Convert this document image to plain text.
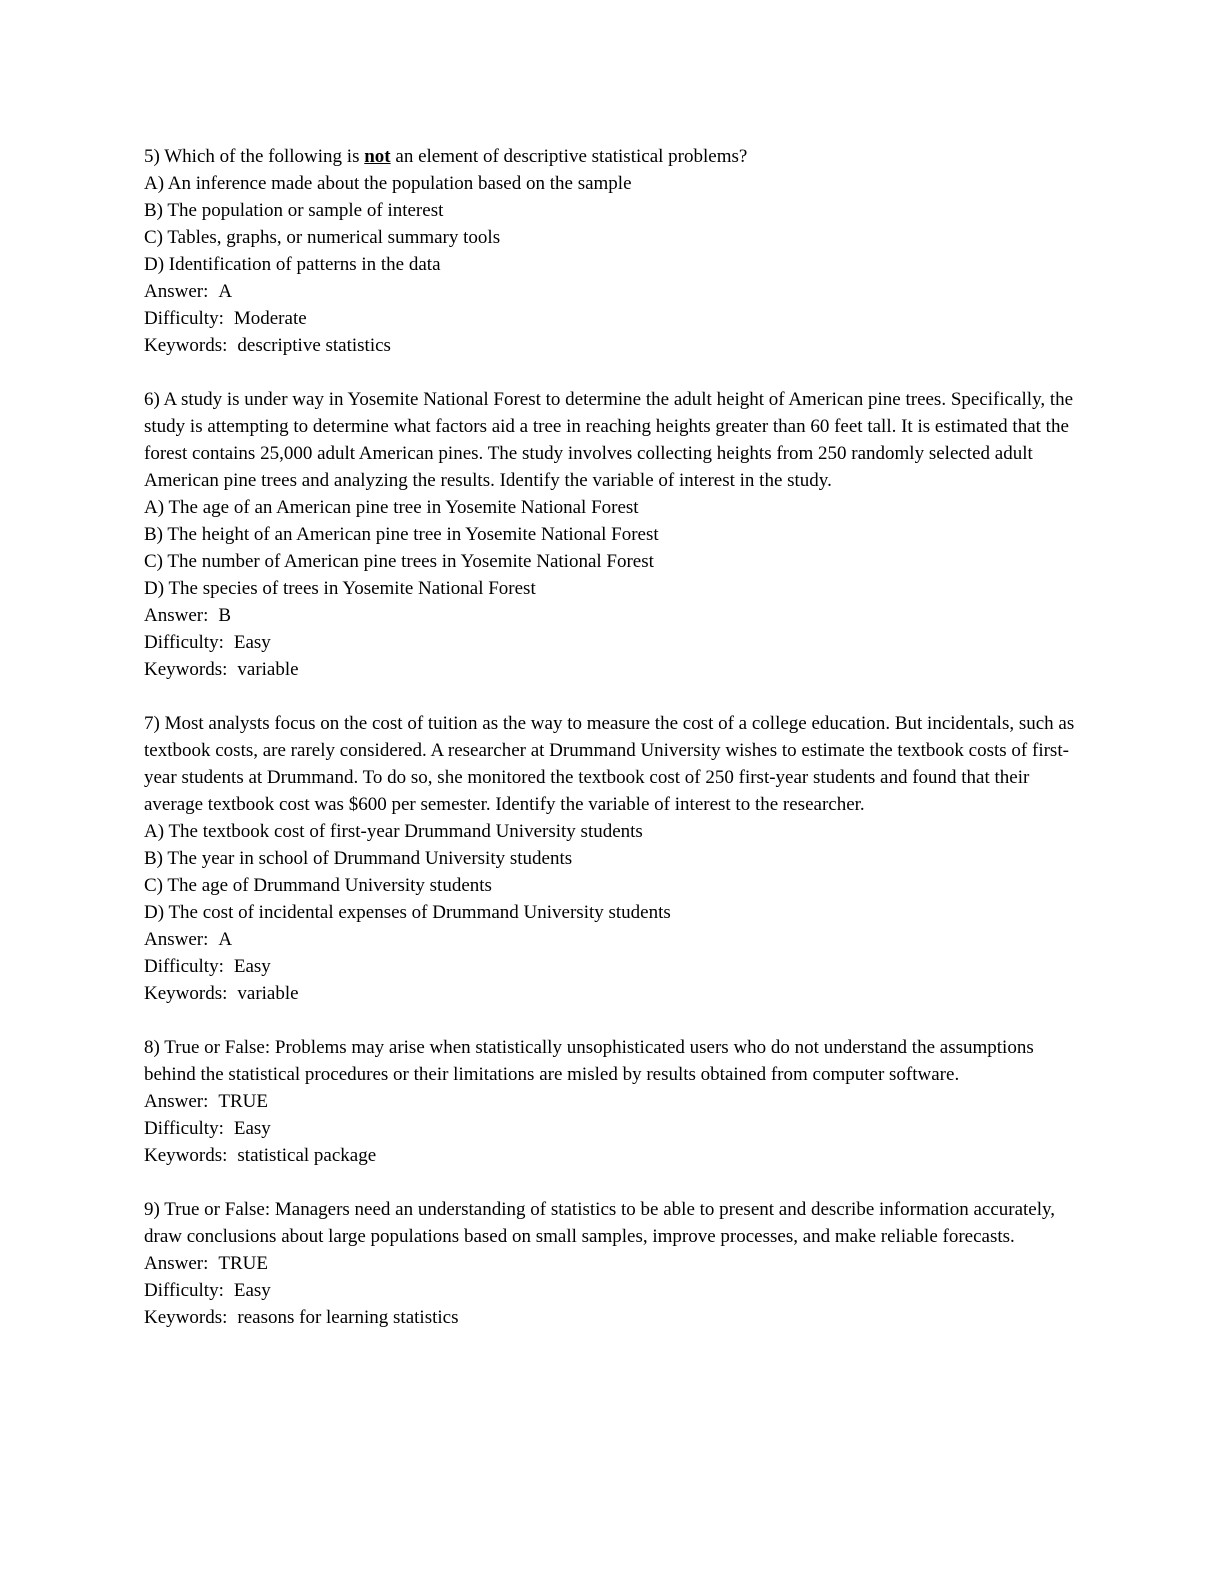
5) Which of the following is not an element of descriptive statistical problems?

A) An inference made about the population based on the sample

B) The population or sample of interest

C) Tables, graphs, or numerical summary tools

D) Identification of patterns in the data

Answer: A

Difficulty: Moderate

Keywords: descriptive statistics

6) A study is under way in Yosemite National Forest to determine the adult height of American pine trees. Specifically, the study is attempting to determine what factors aid a tree in reaching heights greater than 60 feet tall. It is estimated that the forest contains 25,000 adult American pines. The study involves collecting heights from 250 randomly selected adult American pine trees and analyzing the results. Identify the variable of interest in the study.

A) The age of an American pine tree in Yosemite National Forest

B) The height of an American pine tree in Yosemite National Forest

C) The number of American pine trees in Yosemite National Forest

D) The species of trees in Yosemite National Forest

Answer: B

Difficulty: Easy

Keywords: variable

7) Most analysts focus on the cost of tuition as the way to measure the cost of a college education. But incidentals, such as textbook costs, are rarely considered. A researcher at Drummand University wishes to estimate the textbook costs of first-year students at Drummand. To do so, she monitored the textbook cost of 250 first-year students and found that their average textbook cost was $600 per semester. Identify the variable of interest to the researcher.

A) The textbook cost of first-year Drummand University students

B) The year in school of Drummand University students

C) The age of Drummand University students

D) The cost of incidental expenses of Drummand University students

Answer: A

Difficulty: Easy

Keywords: variable

8) True or False: Problems may arise when statistically unsophisticated users who do not understand the assumptions behind the statistical procedures or their limitations are misled by results obtained from computer software.

Answer: TRUE

Difficulty: Easy

Keywords: statistical package

9) True or False: Managers need an understanding of statistics to be able to present and describe information accurately, draw conclusions about large populations based on small samples, improve processes, and make reliable forecasts.

Answer: TRUE

Difficulty: Easy

Keywords: reasons for learning statistics
